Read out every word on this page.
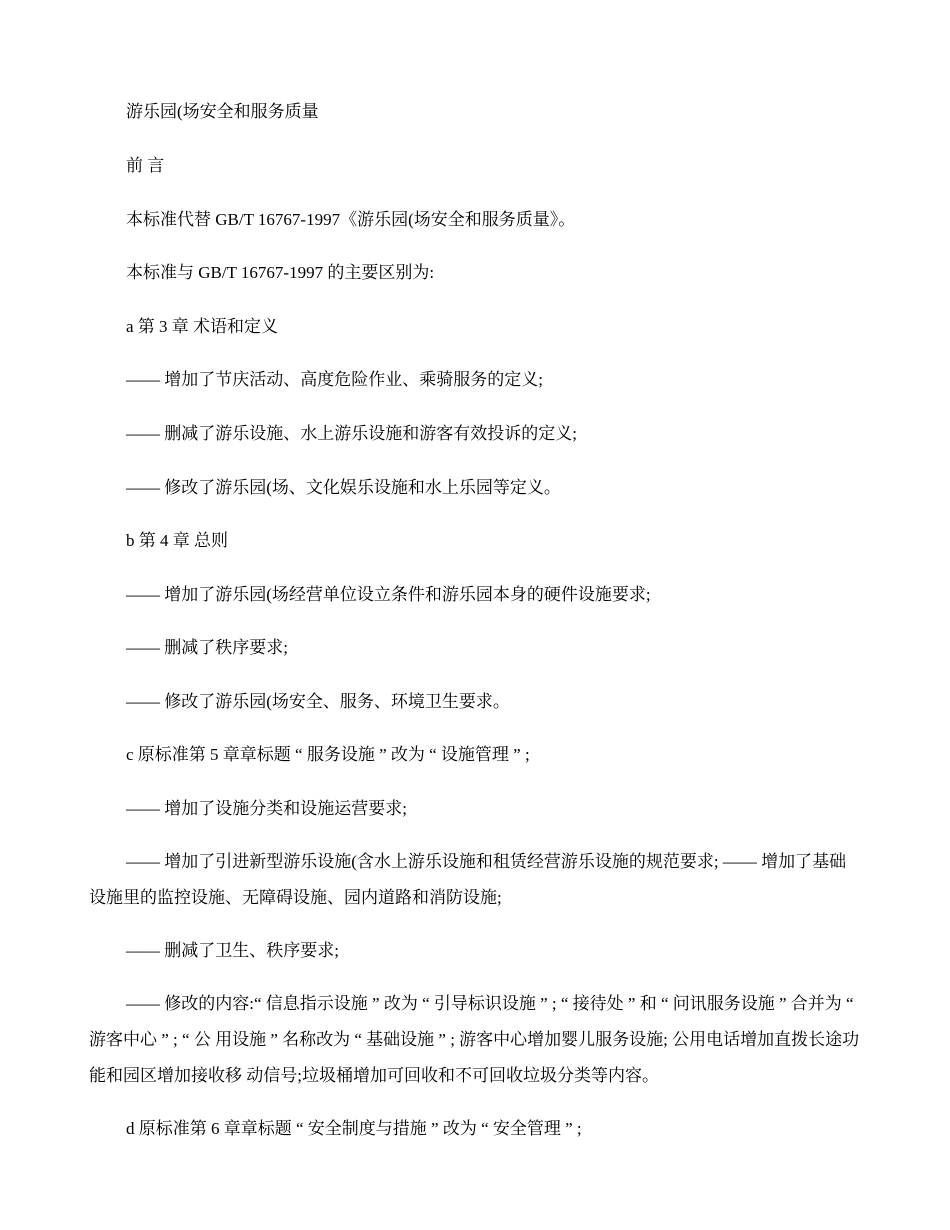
游乐园(场安全和服务质量

前 言

本标准代替 GB/T 16767-1997《游乐园(场安全和服务质量》。

本标准与 GB/T 16767-1997 的主要区别为:

a 第 3 章 术语和定义

—— 增加了节庆活动、高度危险作业、乘骑服务的定义;

—— 删减了游乐设施、水上游乐设施和游客有效投诉的定义;

—— 修改了游乐园(场、文化娱乐设施和水上乐园等定义。

b 第 4 章 总则

—— 增加了游乐园(场经营单位设立条件和游乐园本身的硬件设施要求;

—— 删减了秩序要求;

—— 修改了游乐园(场安全、服务、环境卫生要求。

c 原标准第 5 章章标题 “ 服务设施 ” 改为 “ 设施管理 ” ;

—— 增加了设施分类和设施运营要求;

—— 增加了引进新型游乐设施(含水上游乐设施和租赁经营游乐设施的规范要求; —— 增加了基础设施里的监控设施、无障碍设施、园内道路和消防设施;

—— 删减了卫生、秩序要求;

—— 修改的内容:“ 信息指示设施 ” 改为 “ 引导标识设施 ” ; “ 接待处 ” 和 “ 问讯服务设施 ” 合并为 “ 游客中心 ” ; “ 公 用设施 ” 名称改为 “ 基础设施 ” ; 游客中心增加婴儿服务设施; 公用电话增加直拨长途功能和园区增加接收移 动信号;垃圾桶增加可回收和不可回收垃圾分类等内容。

d 原标准第 6 章章标题 “ 安全制度与措施 ” 改为 “ 安全管理 ” ;
